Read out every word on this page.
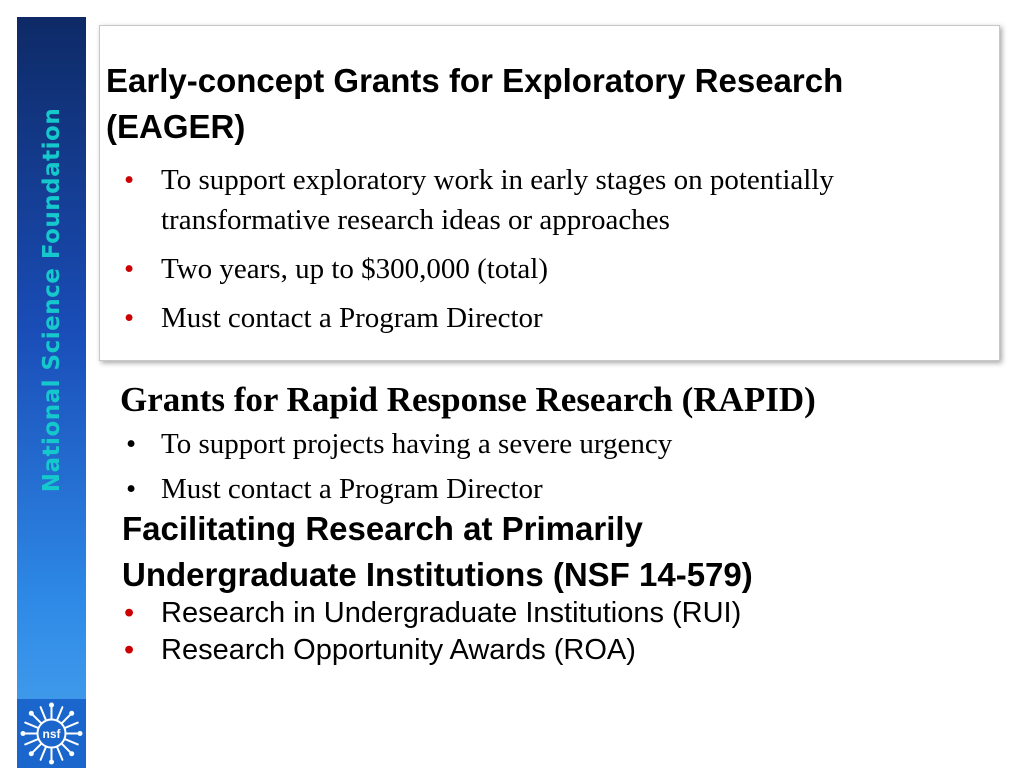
National Science Foundation
nsf
Early-concept Grants for Exploratory Research
(EAGER)
• To support exploratory work in early stages on potentially
transformative research ideas or approaches
• Two years, up to $300,000 (total)
• Must contact a Program Director
Grants for Rapid Response Research (RAPID)
• To support projects having a severe urgency
• Must contact a Program Director
Facilitating Research at Primarily
Undergraduate Institutions (NSF 14-579)
• Research in Undergraduate Institutions (RUI)
• Research Opportunity Awards (ROA)
